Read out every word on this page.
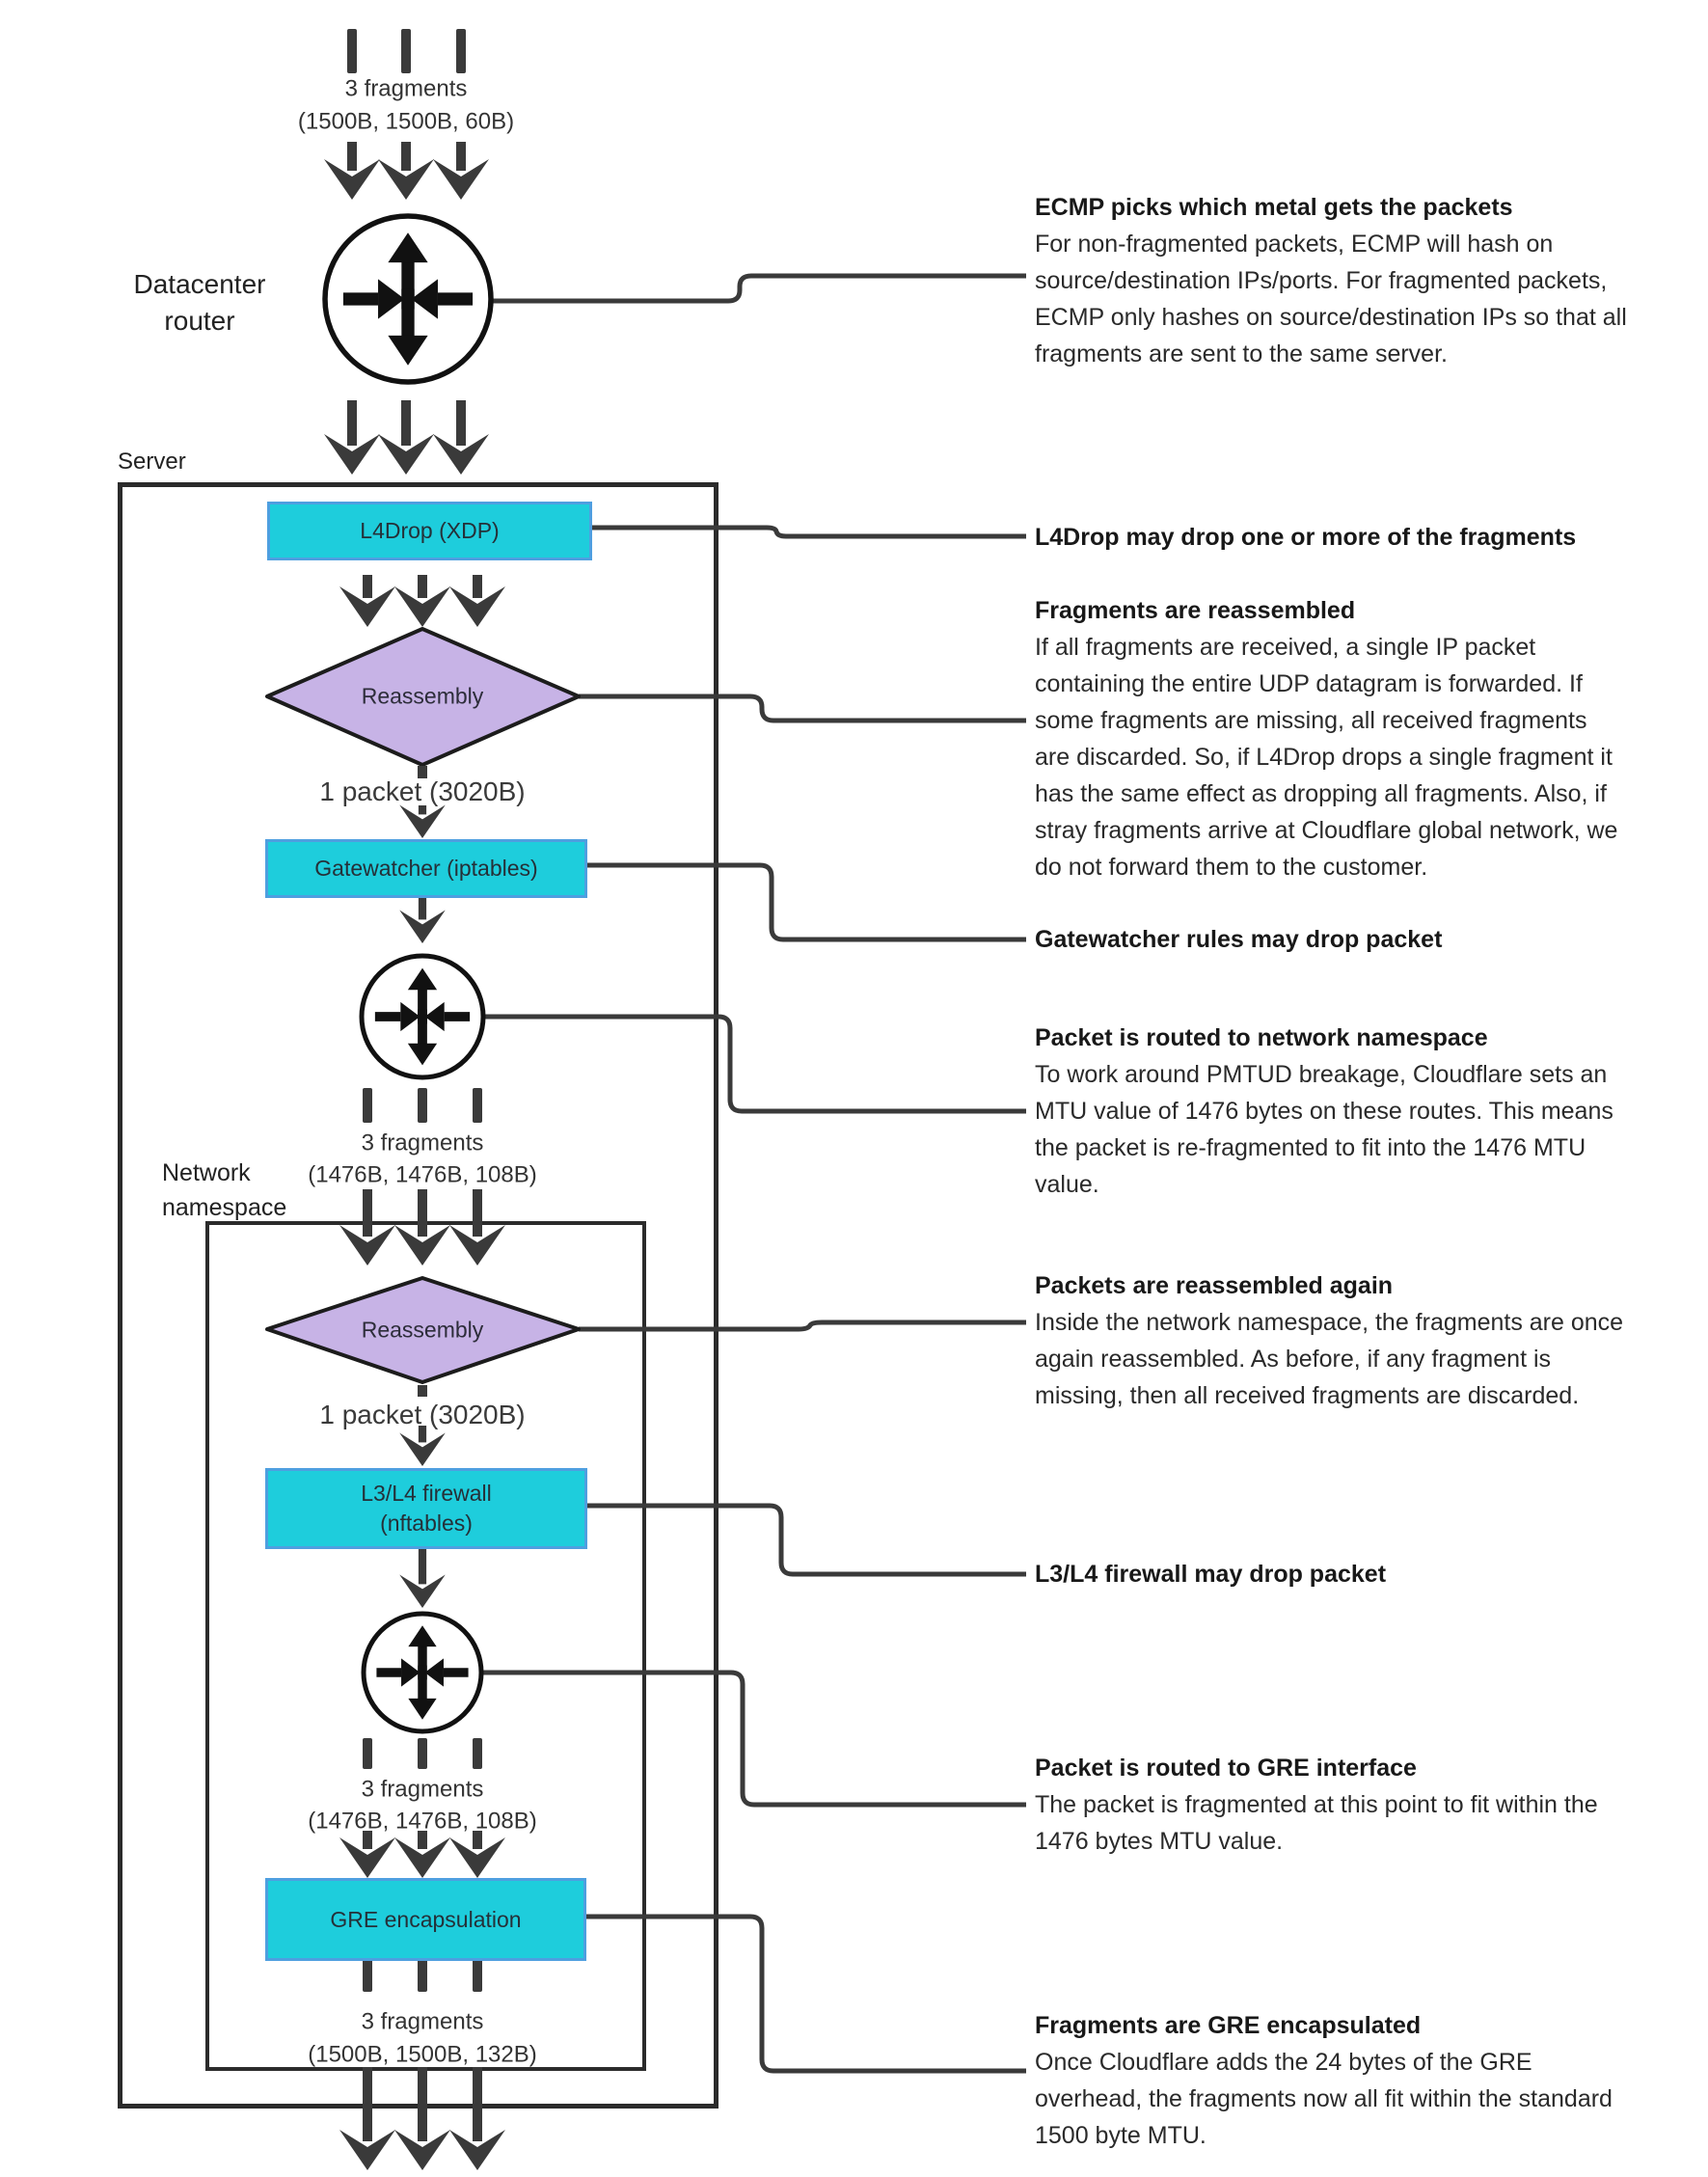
L4Drop (XDP)
Gatewatcher (iptables)
L3/L4 firewall
(nftables)
GRE encapsulation
3 fragments
(1500B, 1500B, 60B)
Datacenter
router
Server
Reassembly
1 packet (3020B)
3 fragments
(1476B, 1476B, 108B)
Network
namespace
Reassembly
1 packet (3020B)
3 fragments
(1476B, 1476B, 108B)
3 fragments
(1500B, 1500B, 132B)
ECMP picks which metal gets the packets
For non-fragmented packets, ECMP will hash on
source/destination IPs/ports. For fragmented packets,
ECMP only hashes on source/destination IPs so that all
fragments are sent to the same server.
L4Drop may drop one or more of the fragments
Fragments are reassembled
If all fragments are received, a single IP packet
containing the entire UDP datagram is forwarded. If
some fragments are missing, all received fragments
are discarded. So, if L4Drop drops a single fragment it
has the same effect as dropping all fragments. Also, if
stray fragments arrive at Cloudflare global network, we
do not forward them to the customer.
Gatewatcher rules may drop packet
Packet is routed to network namespace
To work around PMTUD breakage, Cloudflare sets an
MTU value of 1476 bytes on these routes. This means
the packet is re-fragmented to fit into the 1476 MTU
value.
Packets are reassembled again
Inside the network namespace, the fragments are once
again reassembled. As before, if any fragment is
missing, then all received fragments are discarded.
L3/L4 firewall may drop packet
Packet is routed to GRE interface
The packet is fragmented at this point to fit within the
1476 bytes MTU value.
Fragments are GRE encapsulated
Once Cloudflare adds the 24 bytes of the GRE
overhead, the fragments now all fit within the standard
1500 byte MTU.
